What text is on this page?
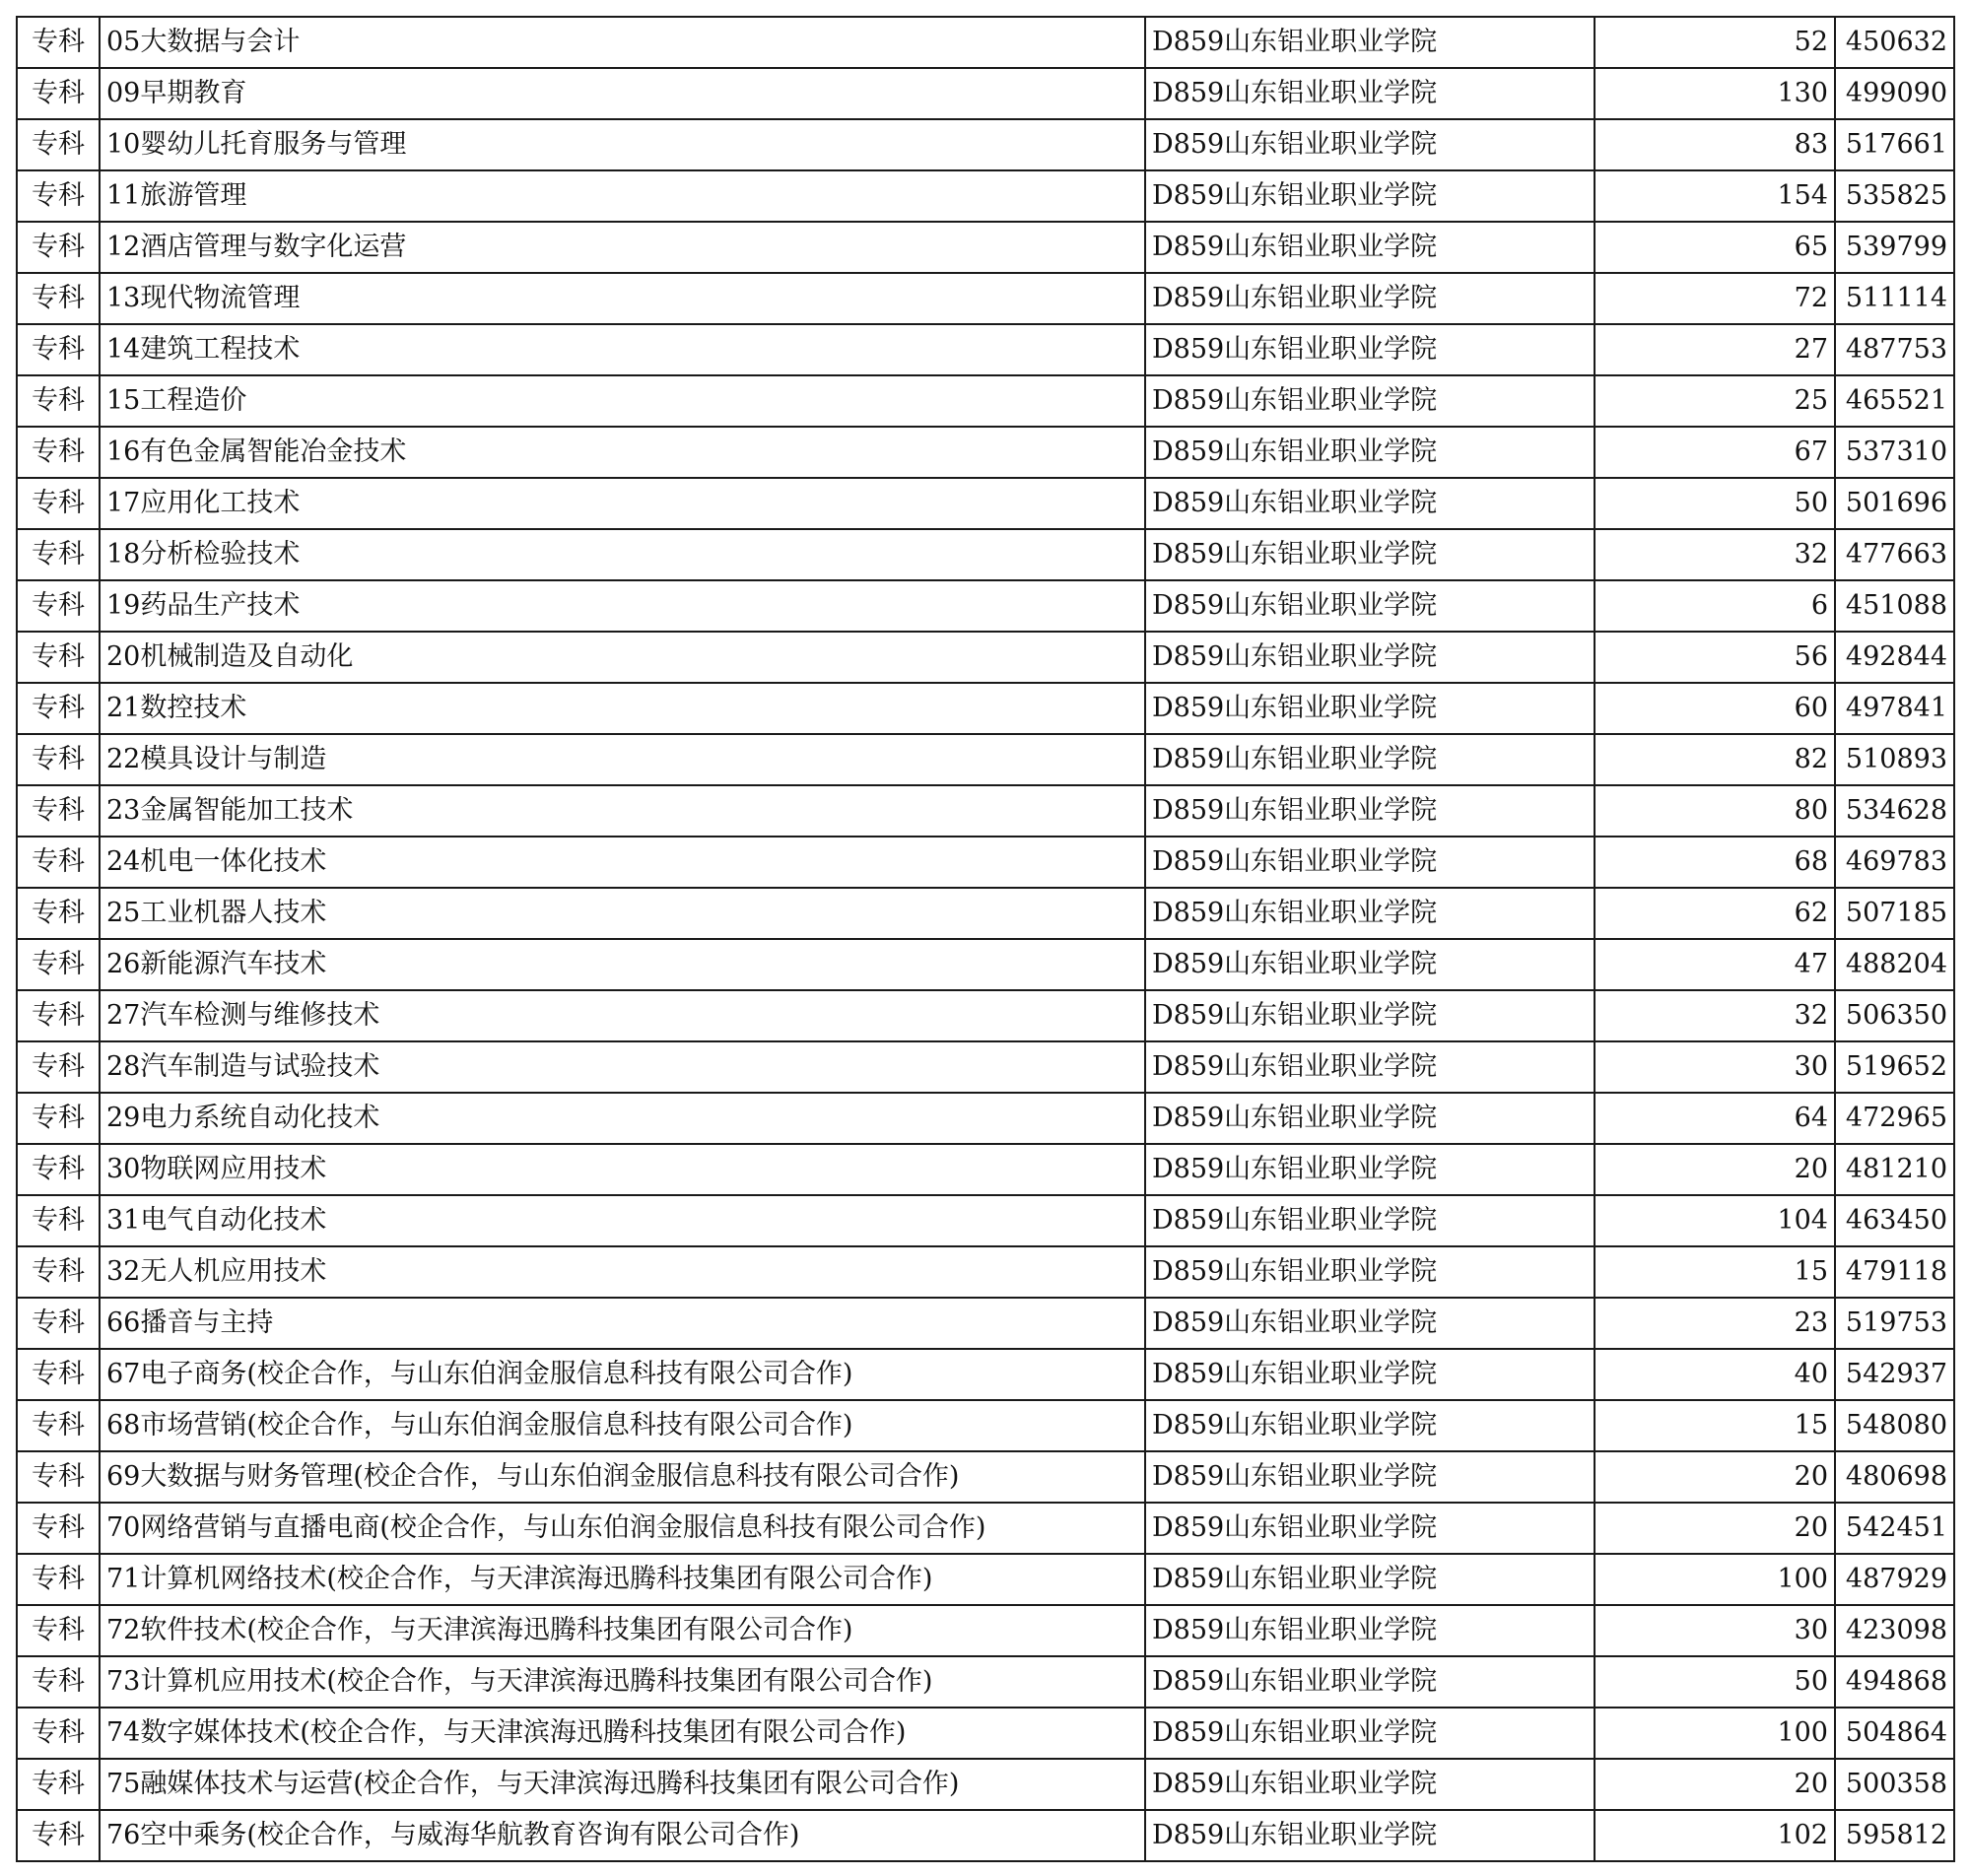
专科	05大数据与会计	D859山东铝业职业学院	52	450632
专科	09早期教育	D859山东铝业职业学院	130	499090
专科	10婴幼儿托育服务与管理	D859山东铝业职业学院	83	517661
专科	11旅游管理	D859山东铝业职业学院	154	535825
专科	12酒店管理与数字化运营	D859山东铝业职业学院	65	539799
专科	13现代物流管理	D859山东铝业职业学院	72	511114
专科	14建筑工程技术	D859山东铝业职业学院	27	487753
专科	15工程造价	D859山东铝业职业学院	25	465521
专科	16有色金属智能冶金技术	D859山东铝业职业学院	67	537310
专科	17应用化工技术	D859山东铝业职业学院	50	501696
专科	18分析检验技术	D859山东铝业职业学院	32	477663
专科	19药品生产技术	D859山东铝业职业学院	6	451088
专科	20机械制造及自动化	D859山东铝业职业学院	56	492844
专科	21数控技术	D859山东铝业职业学院	60	497841
专科	22模具设计与制造	D859山东铝业职业学院	82	510893
专科	23金属智能加工技术	D859山东铝业职业学院	80	534628
专科	24机电一体化技术	D859山东铝业职业学院	68	469783
专科	25工业机器人技术	D859山东铝业职业学院	62	507185
专科	26新能源汽车技术	D859山东铝业职业学院	47	488204
专科	27汽车检测与维修技术	D859山东铝业职业学院	32	506350
专科	28汽车制造与试验技术	D859山东铝业职业学院	30	519652
专科	29电力系统自动化技术	D859山东铝业职业学院	64	472965
专科	30物联网应用技术	D859山东铝业职业学院	20	481210
专科	31电气自动化技术	D859山东铝业职业学院	104	463450
专科	32无人机应用技术	D859山东铝业职业学院	15	479118
专科	66播音与主持	D859山东铝业职业学院	23	519753
专科	67电子商务(校企合作，与山东伯润金服信息科技有限公司合作)	D859山东铝业职业学院	40	542937
专科	68市场营销(校企合作，与山东伯润金服信息科技有限公司合作)	D859山东铝业职业学院	15	548080
专科	69大数据与财务管理(校企合作，与山东伯润金服信息科技有限公司合作)	D859山东铝业职业学院	20	480698
专科	70网络营销与直播电商(校企合作，与山东伯润金服信息科技有限公司合作)	D859山东铝业职业学院	20	542451
专科	71计算机网络技术(校企合作，与天津滨海迅腾科技集团有限公司合作)	D859山东铝业职业学院	100	487929
专科	72软件技术(校企合作，与天津滨海迅腾科技集团有限公司合作)	D859山东铝业职业学院	30	423098
专科	73计算机应用技术(校企合作，与天津滨海迅腾科技集团有限公司合作)	D859山东铝业职业学院	50	494868
专科	74数字媒体技术(校企合作，与天津滨海迅腾科技集团有限公司合作)	D859山东铝业职业学院	100	504864
专科	75融媒体技术与运营(校企合作，与天津滨海迅腾科技集团有限公司合作)	D859山东铝业职业学院	20	500358
专科	76空中乘务(校企合作，与威海华航教育咨询有限公司合作)	D859山东铝业职业学院	102	595812
